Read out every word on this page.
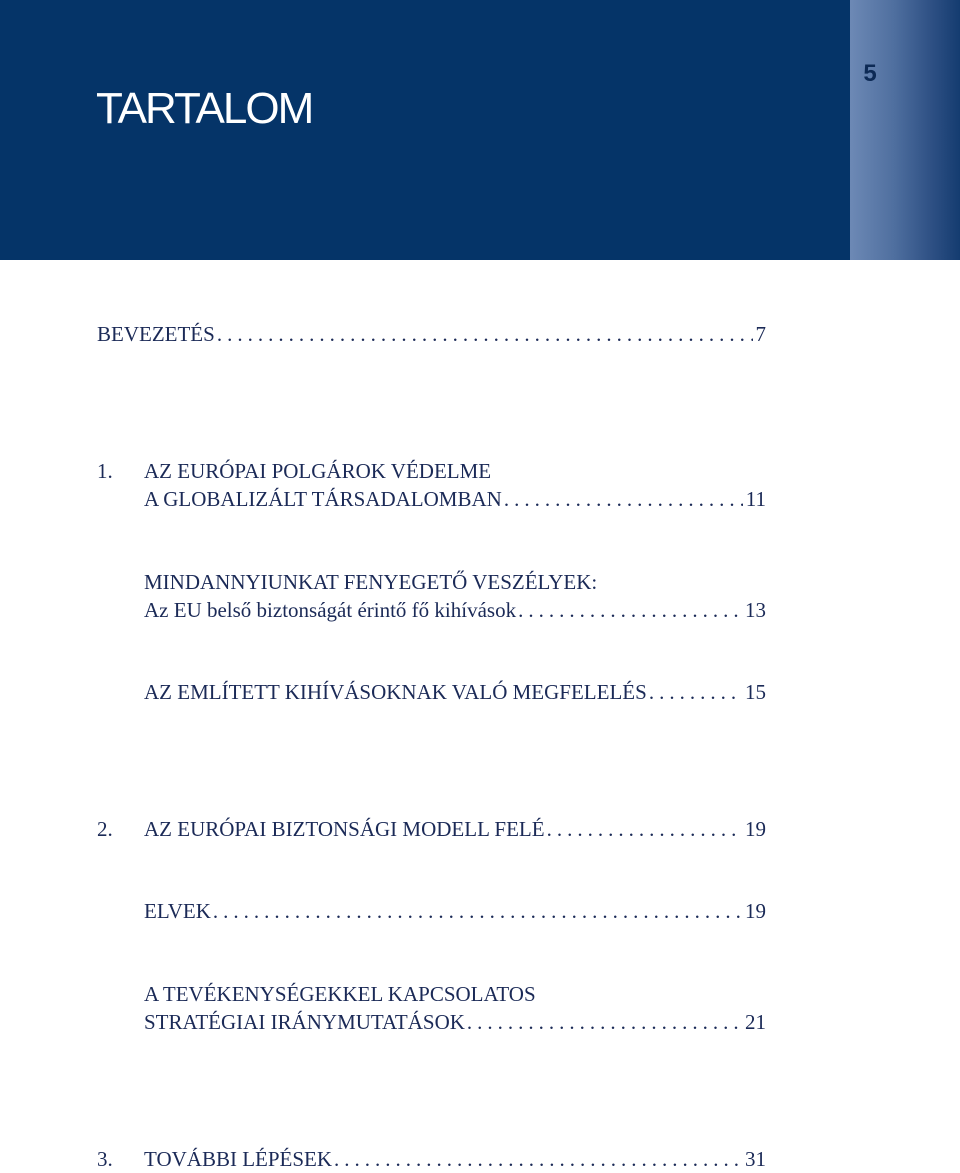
5
TARTALOM
BEVEZETÉS .....	7
1. AZ EURÓPAI POLGÁROK VÉDELME
A GLOBALIZÁLT TÁRSADALOMBAN .....	11
MINDANNYIUNKAT FENYEGETŐ VESZÉLYEK:
Az EU belső biztonságát érintő fő kihívások .....	13
AZ EMLÍTETT KIHÍVÁSOKNAK VALÓ MEGFELELÉS .....	15
2. AZ EURÓPAI BIZTONSÁGI MODELL FELÉ .....	19
ELVEK .....	19
A TEVÉKENYSÉGEKKEL KAPCSOLATOS
STRATÉGIAI IRÁNYMUTATÁSOK .....	21
3. TOVÁBBI LÉPÉSEK .....	31
